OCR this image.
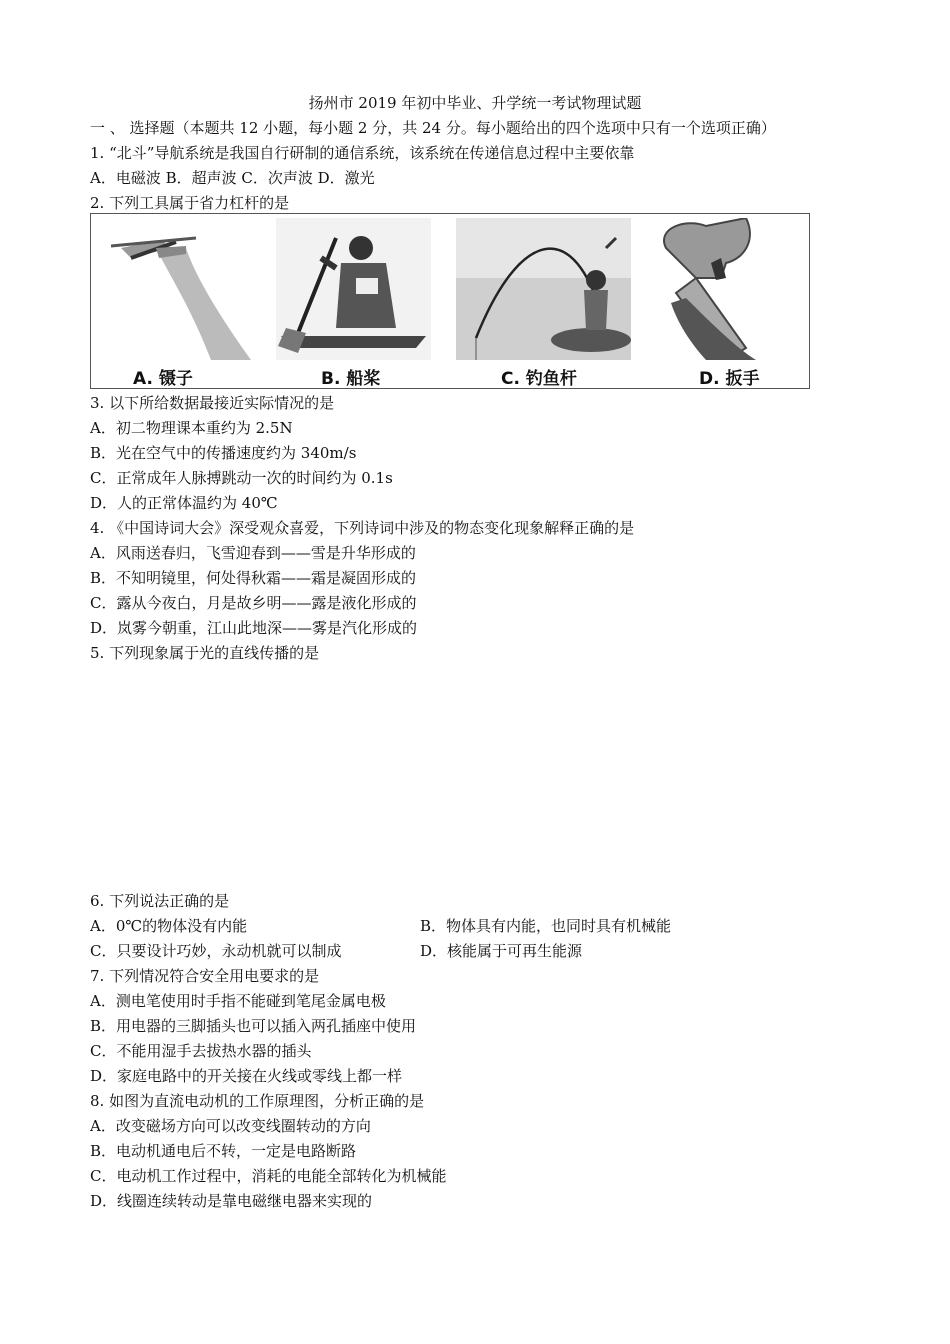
扬州市 2019 年初中毕业、升学统一考试物理试题
一 、 选择题（本题共 12 小题，每小题 2 分，共 24 分。每小题给出的四个选项中只有一个选项正确）
1. “北斗”导航系统是我国自行研制的通信系统，该系统在传递信息过程中主要依靠
A．电磁波 B．超声波 C．次声波 D．激光
2. 下列工具属于省力杠杆的是
A. 镊子	B. 船桨	C. 钓鱼杆	D. 扳手
3. 以下所给数据最接近实际情况的是
A．初二物理课本重约为 2.5N
B．光在空气中的传播速度约为 340m/s
C．正常成年人脉搏跳动一次的时间约为 0.1s
D．人的正常体温约为 40℃
4. 《中国诗词大会》深受观众喜爱，下列诗词中涉及的物态变化现象解释正确的是
A．风雨送春归，飞雪迎春到——雪是升华形成的
B．不知明镜里，何处得秋霜——霜是凝固形成的
C．露从今夜白，月是故乡明——露是液化形成的
D．岚雾今朝重，江山此地深——雾是汽化形成的
5. 下列现象属于光的直线传播的是
6. 下列说法正确的是
A．0℃的物体没有内能	B．物体具有内能，也同时具有机械能
C．只要设计巧妙，永动机就可以制成	D．核能属于可再生能源
7. 下列情况符合安全用电要求的是
A．测电笔使用时手指不能碰到笔尾金属电极
B．用电器的三脚插头也可以插入两孔插座中使用
C．不能用湿手去拔热水器的插头
D．家庭电路中的开关接在火线或零线上都一样
8. 如图为直流电动机的工作原理图，分析正确的是
A．改变磁场方向可以改变线圈转动的方向
B．电动机通电后不转，一定是电路断路
C．电动机工作过程中，消耗的电能全部转化为机械能
D．线圈连续转动是靠电磁继电器来实现的
